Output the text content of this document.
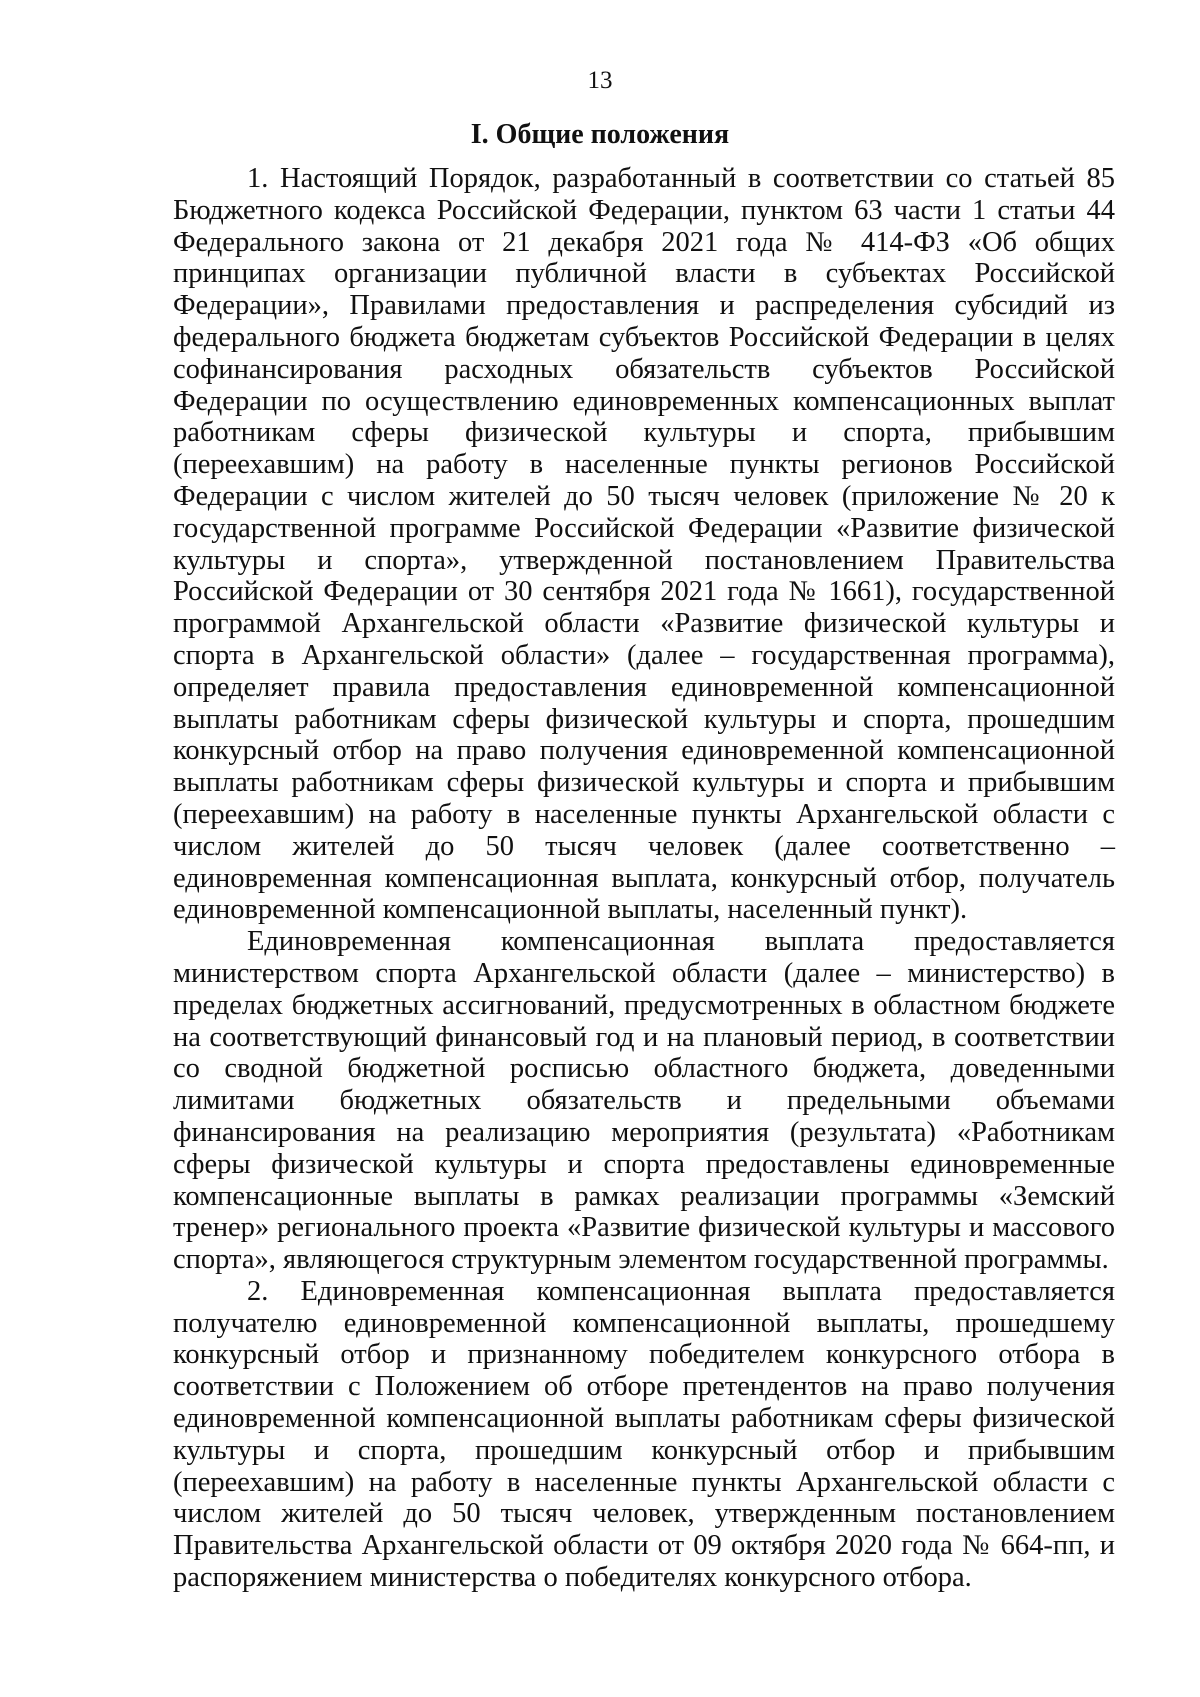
13
I. Общие положения

1. Настоящий Порядок, разработанный в соответствии со статьей 85 Бюджетного кодекса Российской Федерации, пунктом 63 части 1 статьи 44 Федерального закона от 21 декабря 2021 года № 414-ФЗ «Об общих принципах организации публичной власти в субъектах Российской Федерации», Правилами предоставления и распределения субсидий из федерального бюджета бюджетам субъектов Российской Федерации в целях софинансирования расходных обязательств субъектов Российской Федерации по осуществлению единовременных компенсационных выплат работникам сферы физической культуры и спорта, прибывшим (переехавшим) на работу в населенные пункты регионов Российской Федерации с числом жителей до 50 тысяч человек (приложение № 20 к государственной программе Российской Федерации «Развитие физической культуры и спорта», утвержденной постановлением Правительства Российской Федерации от 30 сентября 2021 года № 1661), государственной программой Архангельской области «Развитие физической культуры и спорта в Архангельской области» (далее – государственная программа), определяет правила предоставления единовременной компенсационной выплаты работникам сферы физической культуры и спорта, прошедшим конкурсный отбор на право получения единовременной компенсационной выплаты работникам сферы физической культуры и спорта и прибывшим (переехавшим) на работу в населенные пункты Архангельской области с числом жителей до 50 тысяч человек (далее соответственно – единовременная компенсационная выплата, конкурсный отбор, получатель единовременной компенсационной выплаты, населенный пункт).

Единовременная компенсационная выплата предоставляется министерством спорта Архангельской области (далее – министерство) в пределах бюджетных ассигнований, предусмотренных в областном бюджете на соответствующий финансовый год и на плановый период, в соответствии со сводной бюджетной росписью областного бюджета, доведенными лимитами бюджетных обязательств и предельными объемами финансирования на реализацию мероприятия (результата) «Работникам сферы физической культуры и спорта предоставлены единовременные компенсационные выплаты в рамках реализации программы «Земский тренер» регионального проекта «Развитие физической культуры и массового спорта», являющегося структурным элементом государственной программы.

2. Единовременная компенсационная выплата предоставляется получателю единовременной компенсационной выплаты, прошедшему конкурсный отбор и признанному победителем конкурсного отбора в соответствии с Положением об отборе претендентов на право получения единовременной компенсационной выплаты работникам сферы физической культуры и спорта, прошедшим конкурсный отбор и прибывшим (переехавшим) на работу в населенные пункты Архангельской области с числом жителей до 50 тысяч человек, утвержденным постановлением Правительства Архангельской области от 09 октября 2020 года № 664-пп, и распоряжением министерства о победителях конкурсного отбора.
